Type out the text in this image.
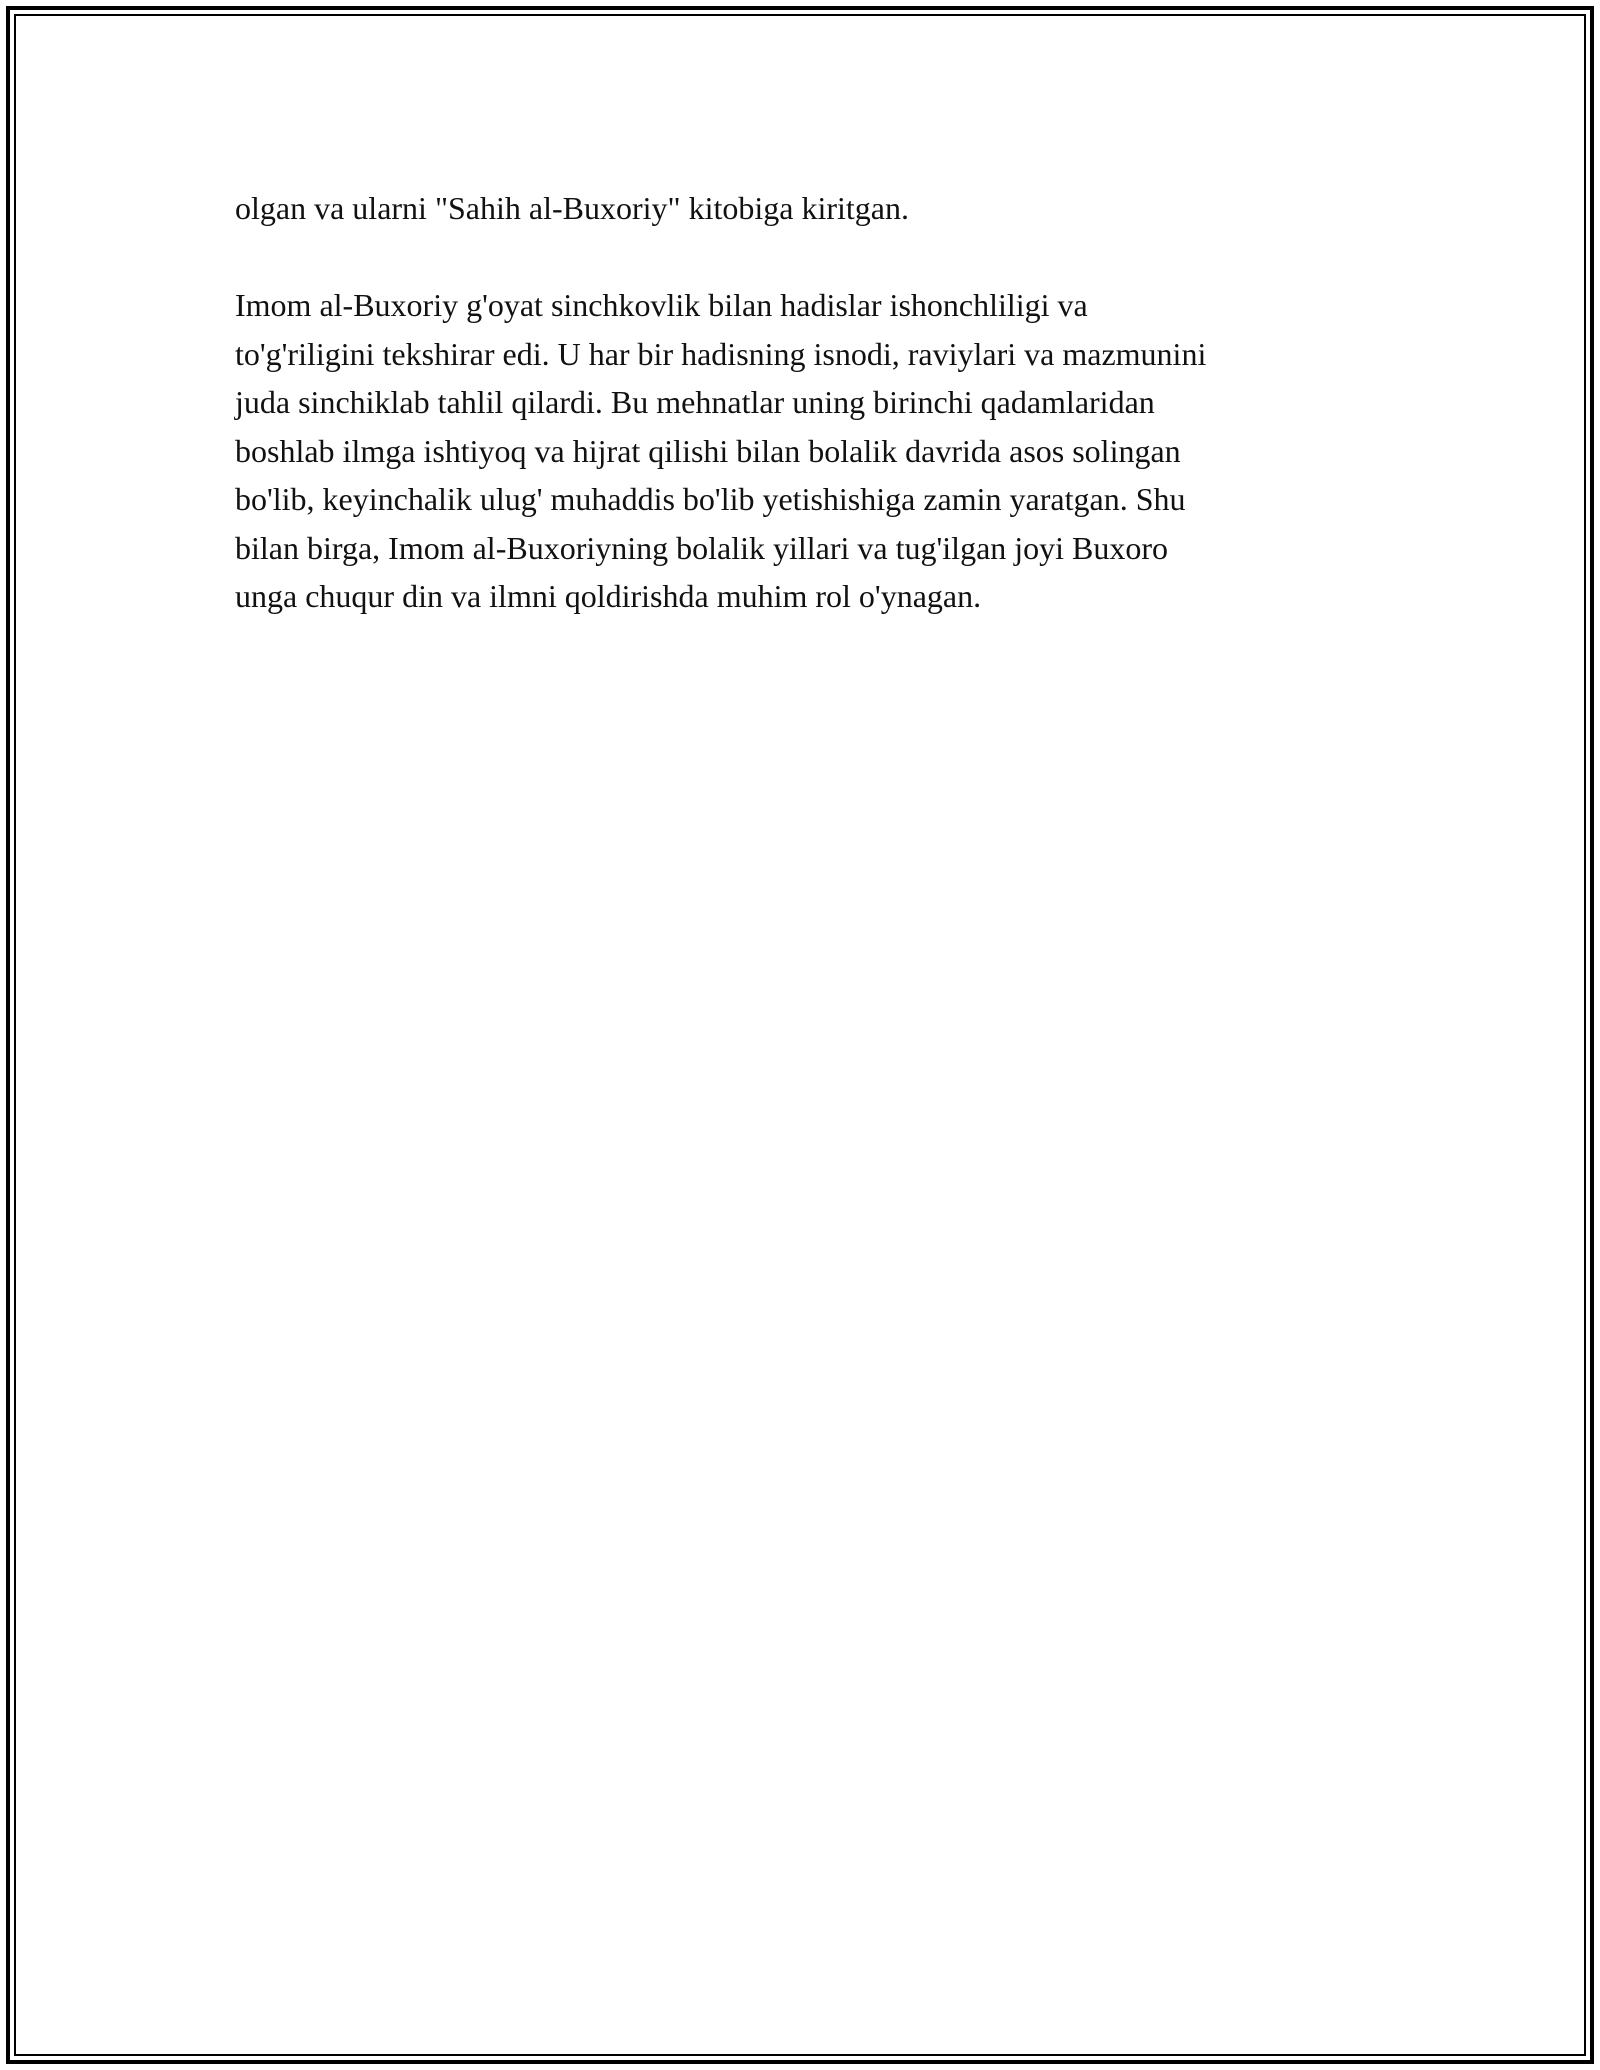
olgan va ularni "Sahih al-Buxoriy" kitobiga kiritgan.

Imom al-Buxoriy g'oyat sinchkovlik bilan hadislar ishonchliligi va
to'g'riligini tekshirar edi. U har bir hadisning isnodi, raviylari va mazmunini
juda sinchiklab tahlil qilardi. Bu mehnatlar uning birinchi qadamlaridan
boshlab ilmga ishtiyoq va hijrat qilishi bilan bolalik davrida asos solingan
bo'lib, keyinchalik ulug' muhaddis bo'lib yetishishiga zamin yaratgan. Shu
bilan birga, Imom al-Buxoriyning bolalik yillari va tug'ilgan joyi Buxoro
unga chuqur din va ilmni qoldirishda muhim rol o'ynagan.
